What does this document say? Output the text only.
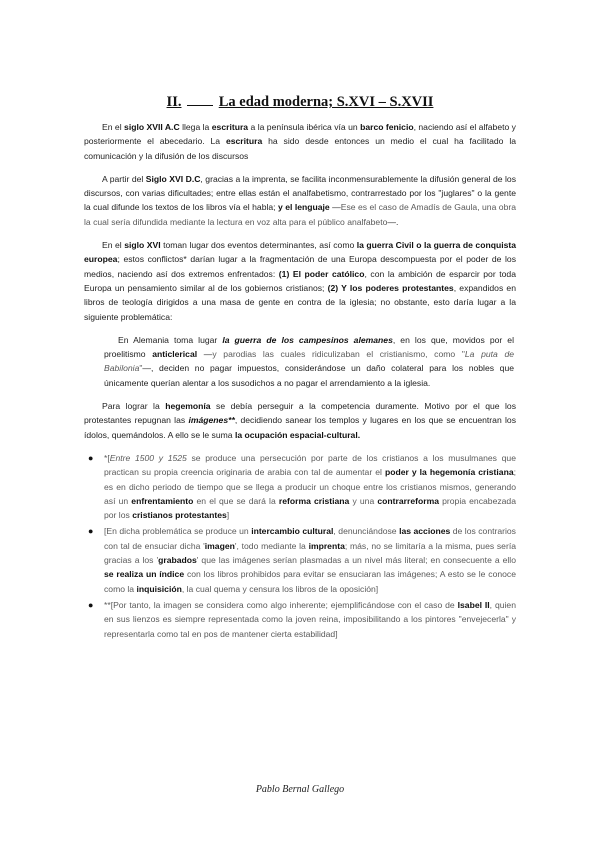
II.	La edad moderna; S.XVI – S.XVII

En el siglo XVII A.C llega la escritura a la península ibérica vía un barco fenicio, naciendo así el alfabeto y posteriormente el abecedario. La escritura ha sido desde entonces un medio el cual ha facilitado la comunicación y la difusión de los discursos

A partir del Siglo XVI D.C, gracias a la imprenta, se facilita inconmensurablemente la difusión general de los discursos, con varias dificultades; entre ellas están el analfabetismo, contrarrestado por los "juglares" o la gente la cual difunde los textos de los libros vía el habla; y el lenguaje —Ese es el caso de Amadís de Gaula, una obra la cual sería difundida mediante la lectura en voz alta para el público analfabeto—.

En el siglo XVI toman lugar dos eventos determinantes, así como la guerra Civil o la guerra de conquista europea; estos conflictos* darían lugar a la fragmentación de una Europa descompuesta por el poder de los medios, naciendo así dos extremos enfrentados: (1) El poder católico, con la ambición de esparcir por toda Europa un pensamiento similar al de los gobiernos cristianos; (2) Y los poderes protestantes, expandidos en libros de teología dirigidos a una masa de gente en contra de la iglesia; no obstante, esto daría lugar a la siguiente problemática:

En Alemania toma lugar la guerra de los campesinos alemanes, en los que, movidos por el proelitismo anticlerical —y parodias las cuales ridiculizaban el cristianismo, como "La puta de Babilonia"—, deciden no pagar impuestos, considerándose un daño colateral para los nobles que únicamente querían alentar a los susodichos a no pagar el arrendamiento a la iglesia.

Para lograr la hegemonía se debía perseguir a la competencia duramente. Motivo por el que los protestantes repugnan las imágenes**, decidiendo sanear los templos y lugares en los que se encuentran los ídolos, quemándolos. A ello se le suma la ocupación espacial-cultural.

● *[Entre 1500 y 1525 se produce una persecución por parte de los cristianos a los musulmanes que practican su propia creencia originaria de arabia con tal de aumentar el poder y la hegemonía cristiana; es en dicho periodo de tiempo que se llega a producir un choque entre los cristianos mismos, generando así un enfrentamiento en el que se dará la reforma cristiana y una contrarreforma propia encabezada por los cristianos protestantes]
● [En dicha problemática se produce un intercambio cultural, denunciándose las acciones de los contrarios con tal de ensuciar dicha 'imagen', todo mediante la imprenta; más, no se limitaría a la misma, pues sería gracias a los 'grabados' que las imágenes serían plasmadas a un nivel más literal; en consecuente a ello se realiza un índice con los libros prohibidos para evitar se ensuciaran las imágenes; A esto se le conoce como la inquisición, la cual quema y censura los libros de la oposición]
● **[Por tanto, la imagen se considera como algo inherente; ejemplificándose con el caso de Isabel II, quien en sus lienzos es siempre representada como la joven reina, imposibilitando a los pintores "envejecerla" y representarla como tal en pos de mantener cierta estabilidad]
Pablo Bernal Gallego
